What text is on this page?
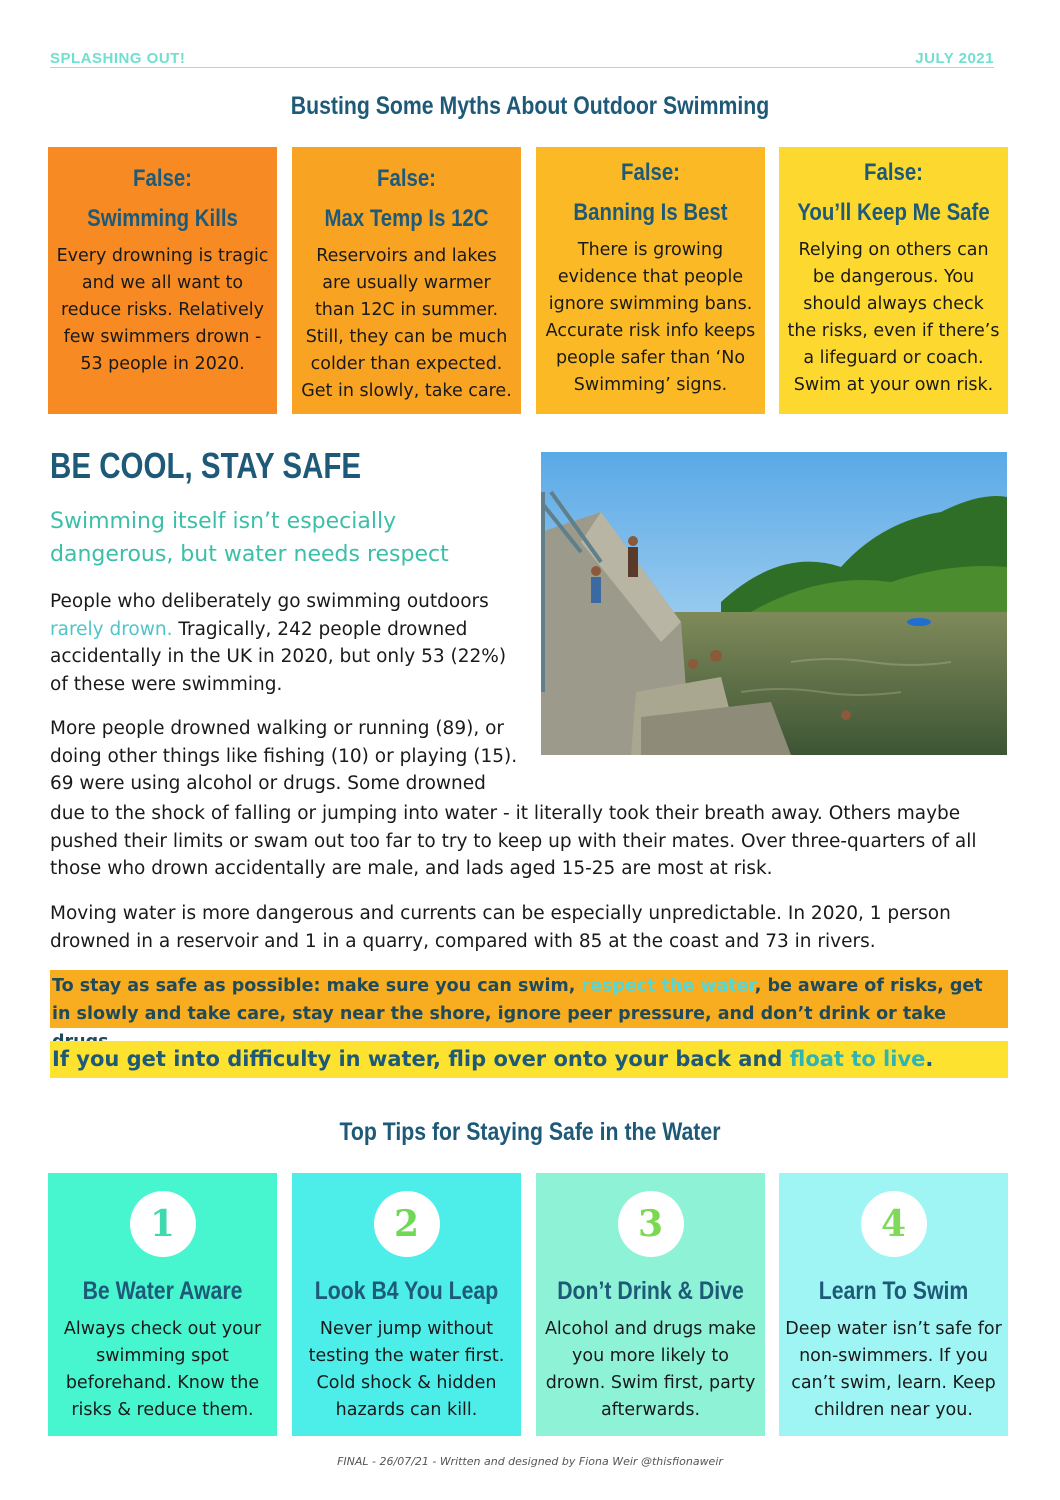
SPLASHING OUT!	JULY 2021
Busting Some Myths About Outdoor Swimming
False:
Swimming Kills
Every drowning is tragic and we all want to reduce risks. Relatively few swimmers drown - 53 people in 2020.
False:
Max Temp Is 12C
Reservoirs and lakes are usually warmer than 12C in summer. Still, they can be much colder than expected. Get in slowly, take care.
False:
Banning Is Best
There is growing evidence that people ignore swimming bans. Accurate risk info keeps people safer than ‘No Swimming’ signs.
False:
You’ll Keep Me Safe
Relying on others can be dangerous. You should always check the risks, even if there’s a lifeguard or coach. Swim at your own risk.
BE COOL, STAY SAFE
Swimming itself isn’t especially dangerous, but water needs respect
People who deliberately go swimming outdoors rarely drown. Tragically, 242 people drowned accidentally in the UK in 2020, but only 53 (22%) of these were swimming.
More people drowned walking or running (89), or doing other things like fishing (10) or playing (15). 69 were using alcohol or drugs. Some drowned
due to the shock of falling or jumping into water - it literally took their breath away. Others maybe pushed their limits or swam out too far to try to keep up with their mates. Over three-quarters of all those who drown accidentally are male, and lads aged 15-25 are most at risk.
Moving water is more dangerous and currents can be especially unpredictable. In 2020, 1 person drowned in a reservoir and 1 in a quarry, compared with 85 at the coast and 73 in rivers.
To stay as safe as possible: make sure you can swim, respect the water, be aware of risks, get in slowly and take care, stay near the shore, ignore peer pressure, and don’t drink or take
If you get into difficulty in water, flip over onto your back and float to live.
Top Tips for Staying Safe in the Water
1
Be Water Aware
Always check out your swimming spot beforehand. Know the risks & reduce them.
2
Look B4 You Leap
Never jump without testing the water first. Cold shock & hidden hazards can kill.
3
Don’t Drink & Dive
Alcohol and drugs make you more likely to drown. Swim first, party afterwards.
4
Learn To Swim
Deep water isn’t safe for non-swimmers. If you can’t swim, learn. Keep children near you.
FINAL - 26/07/21 - Written and designed by Fiona Weir @thisfionaweir
